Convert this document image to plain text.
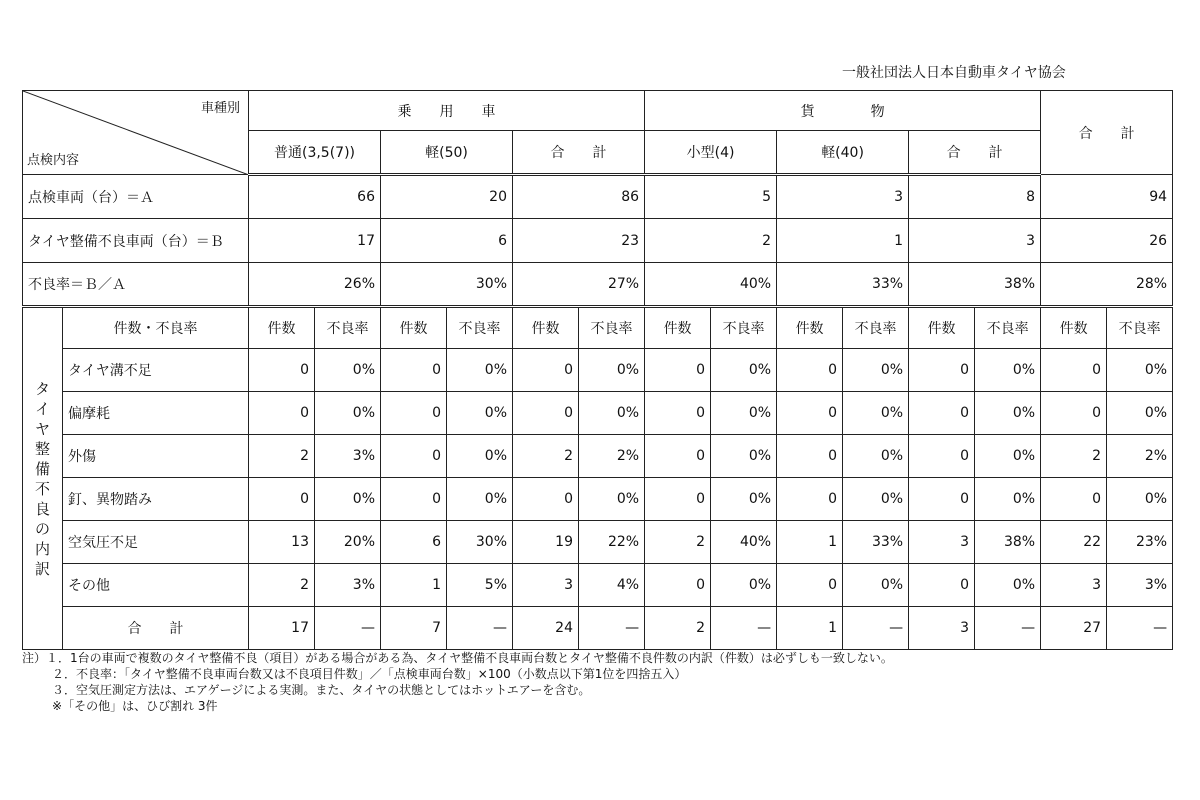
一般社団法人日本自動車タイヤ協会
車種別
点検内容		乗　　用　　車						貨　　　　物						合　　計	
		普通(3,5(7))		軽(50)		合　　計		小型(4)		軽(40)		合　　計			
点検車両（台）＝Ａ		66		20		86		5		3		8		94	
タイヤ整備不良車両（台）＝Ｂ		17		6		23		2		1		3		26	
不良率＝Ｂ／Ａ		26%		30%		27%		40%		33%		38%		28%	

タイヤ整備不良の内訳	件数・不良率	件数	不良率	件数	不良率	件数	不良率	件数	不良率	件数	不良率	件数	不良率	件数	不良率
	タイヤ溝不足	0	0%	0	0%	0	0%	0	0%	0	0%	0	0%	0	0%
	偏摩耗	0	0%	0	0%	0	0%	0	0%	0	0%	0	0%	0	0%
	外傷	2	3%	0	0%	2	2%	0	0%	0	0%	0	0%	2	2%
	釘、異物踏み	0	0%	0	0%	0	0%	0	0%	0	0%	0	0%	0	0%
	空気圧不足	13	20%	6	30%	19	22%	2	40%	1	33%	3	38%	22	23%
	その他	2	3%	1	5%	3	4%	0	0%	0	0%	0	0%	3	3%
	合　　計	17	—	7	—	24	—	2	—	1	—	3	—	27	—
注）１．1台の車両で複数のタイヤ整備不良（項目）がある場合がある為、タイヤ整備不良車両台数とタイヤ整備不良件数の内訳（件数）は必ずしも一致しない。
２．不良率：「タイヤ整備不良車両台数又は不良項目件数」／「点検車両台数」×100（小数点以下第1位を四捨五入）
３．空気圧測定方法は、エアゲージによる実測。また、タイヤの状態としてはホットエアーを含む。
※「その他」は、ひび割れ 3件
